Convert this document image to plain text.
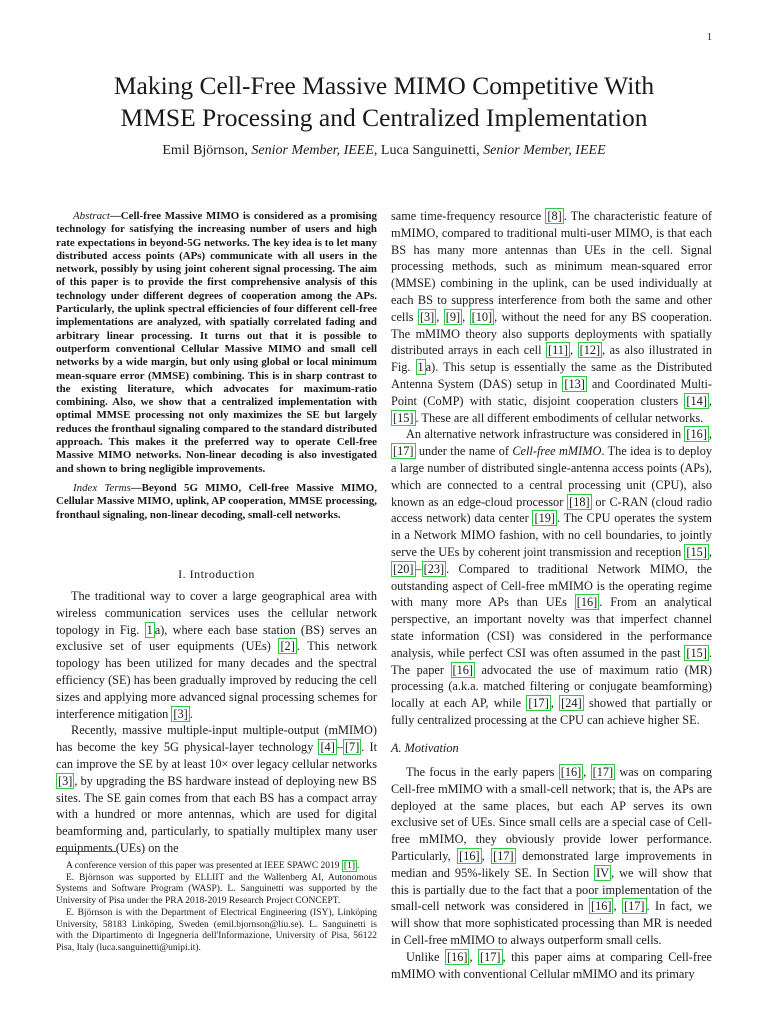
1
Making Cell-Free Massive MIMO Competitive With
MMSE Processing and Centralized Implementation
Emil Björnson, Senior Member, IEEE, Luca Sanguinetti, Senior Member, IEEE

Abstract—Cell-free Massive MIMO is considered as a promising technology for satisfying the increasing number of users and high rate expectations in beyond-5G networks. The key idea is to let many distributed access points (APs) communicate with all users in the network, possibly by using joint coherent signal processing. The aim of this paper is to provide the first comprehensive analysis of this technology under different degrees of cooperation among the APs. Particularly, the uplink spectral efficiencies of four different cell-free implementations are analyzed, with spatially correlated fading and arbitrary linear processing. It turns out that it is possible to outperform conventional Cellular Massive MIMO and small cell networks by a wide margin, but only using global or local minimum mean-square error (MMSE) combining. This is in sharp contrast to the existing literature, which advocates for maximum-ratio combining. Also, we show that a centralized implementation with optimal MMSE processing not only maximizes the SE but largely reduces the fronthaul signaling compared to the standard distributed approach. This makes it the preferred way to operate Cell-free Massive MIMO networks. Non-linear decoding is also investigated and shown to bring negligible improvements.

Index Terms—Beyond 5G MIMO, Cell-free Massive MIMO, Cellular Massive MIMO, uplink, AP cooperation, MMSE processing, fronthaul signaling, non-linear decoding, small-cell networks.

I. Introduction

The traditional way to cover a large geographical area with wireless communication services uses the cellular network topology in Fig. 1 a), where each base station (BS) serves an exclusive set of user equipments (UEs) [2] . This network topology has been utilized for many decades and the spectral efficiency (SE) has been gradually improved by reducing the cell sizes and applying more advanced signal processing schemes for interference mitigation [3] .

Recently, massive multiple-input multiple-output (mMIMO) has become the key 5G physical-layer technology [4] – [7] . It can improve the SE by at least 10× over legacy cellular networks [3] , by upgrading the BS hardware instead of deploying new BS sites. The SE gain comes from that each BS has a compact array with a hundred or more antennas, which are used for digital beamforming and, particularly, to spatially multiplex many user equipments (UEs) on the

A conference version of this paper was presented at IEEE SPAWC 2019 [1] .

E. Björnson was supported by ELLIIT and the Wallenberg AI, Autonomous Systems and Software Program (WASP). L. Sanguinetti was supported by the University of Pisa under the PRA 2018-2019 Research Project CONCEPT.

E. Björnson is with the Department of Electrical Engineering (ISY), Linköping University, 58183 Linköping, Sweden (emil.bjornson@liu.se). L. Sanguinetti is with the Dipartimento di Ingegneria dell'Informazione, University of Pisa, 56122 Pisa, Italy (luca.sanguinetti@unipi.it).

same time-frequency resource [8] . The characteristic feature of mMIMO, compared to traditional multi-user MIMO, is that each BS has many more antennas than UEs in the cell. Signal processing methods, such as minimum mean-squared error (MMSE) combining in the uplink, can be used individually at each BS to suppress interference from both the same and other cells [3] , [9] , [10] , without the need for any BS cooperation. The mMIMO theory also supports deployments with spatially distributed arrays in each cell [11] , [12] , as also illustrated in Fig. 1 a). This setup is essentially the same as the Distributed Antenna System (DAS) setup in [13] and Coordinated Multi-Point (CoMP) with static, disjoint cooperation clusters [14] , [15] . These are all different embodiments of cellular networks.

An alternative network infrastructure was considered in [16] , [17] under the name of Cell-free mMIMO. The idea is to deploy a large number of distributed single-antenna access points (APs), which are connected to a central processing unit (CPU), also known as an edge-cloud processor [18] or C-RAN (cloud radio access network) data center [19] . The CPU operates the system in a Network MIMO fashion, with no cell boundaries, to jointly serve the UEs by coherent joint transmission and reception [15] , [20] – [23] . Compared to traditional Network MIMO, the outstanding aspect of Cell-free mMIMO is the operating regime with many more APs than UEs [16] . From an analytical perspective, an important novelty was that imperfect channel state information (CSI) was considered in the performance analysis, while perfect CSI was often assumed in the past [15] . The paper [16] advocated the use of maximum ratio (MR) processing (a.k.a. matched filtering or conjugate beamforming) locally at each AP, while [17] , [24] showed that partially or fully centralized processing at the CPU can achieve higher SE.

A. Motivation

The focus in the early papers [16] , [17] was on comparing Cell-free mMIMO with a small-cell network; that is, the APs are deployed at the same places, but each AP serves its own exclusive set of UEs. Since small cells are a special case of Cell-free mMIMO, they obviously provide lower performance. Particularly, [16] , [17] demonstrated large improvements in median and 95%-likely SE. In Section IV , we will show that this is partially due to the fact that a poor implementation of the small-cell network was considered in [16] , [17] . In fact, we will show that more sophisticated processing than MR is needed in Cell-free mMIMO to always outperform small cells.

Unlike [16] , [17] , this paper aims at comparing Cell-free mMIMO with conventional Cellular mMIMO and its primary
